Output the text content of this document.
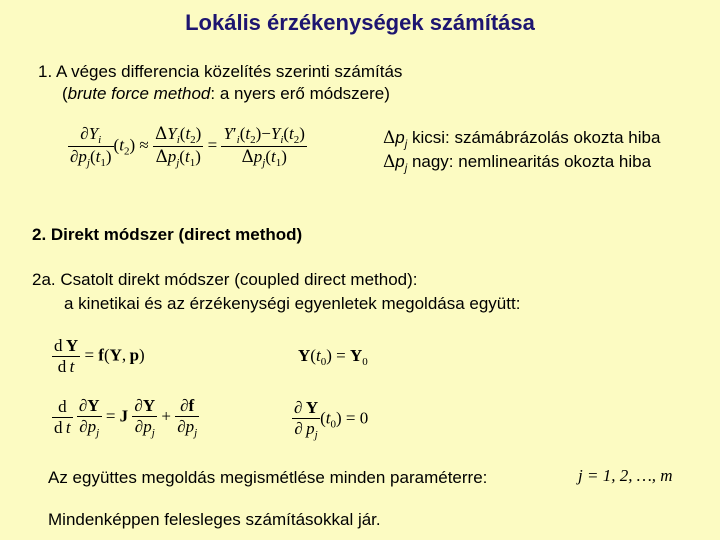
Lokális érzékenységek számítása
1. A véges differencia közelítés szerinti számítás
(brute force method: a nyers erő módszere)
$\frac{\partial Y_i}{\partial p_j(t_1)} (t_2) \approx \frac{\Delta Y_i(t_2)}{\Delta p_j(t_1)} = \frac{Y'_i(t_2)-Y_i(t_2)}{\Delta p_j(t_1)}$	$\Delta p_j$ kicsi: számábrázolás okozta hiba
$\Delta p_j$ nagy: nemlinearitás okozta hiba
2. Direkt módszer (direct method)
2a. Csatolt direkt módszer (coupled direct method):
a kinetikai és az érzékenységi egyenletek megoldása együtt:
$\frac{\text{d Y}}{\text{d t}} = f(Y$, p)	$Y(t_0) = Y_0$
$\frac{d}{\text{d t}}$
$\frac{\partial Y}{\partial p_j} = J \frac{\partial Y}{\partial p_j} + \frac{\partial f}{\partial p_j}$	$\frac{\partial Y}{\partial p_j} (t_0) = 0$
Az együttes megoldás megismétlése minden paraméterre:	j = 1, 2, …, m
Mindenképpen felesleges számításokkal jár.
